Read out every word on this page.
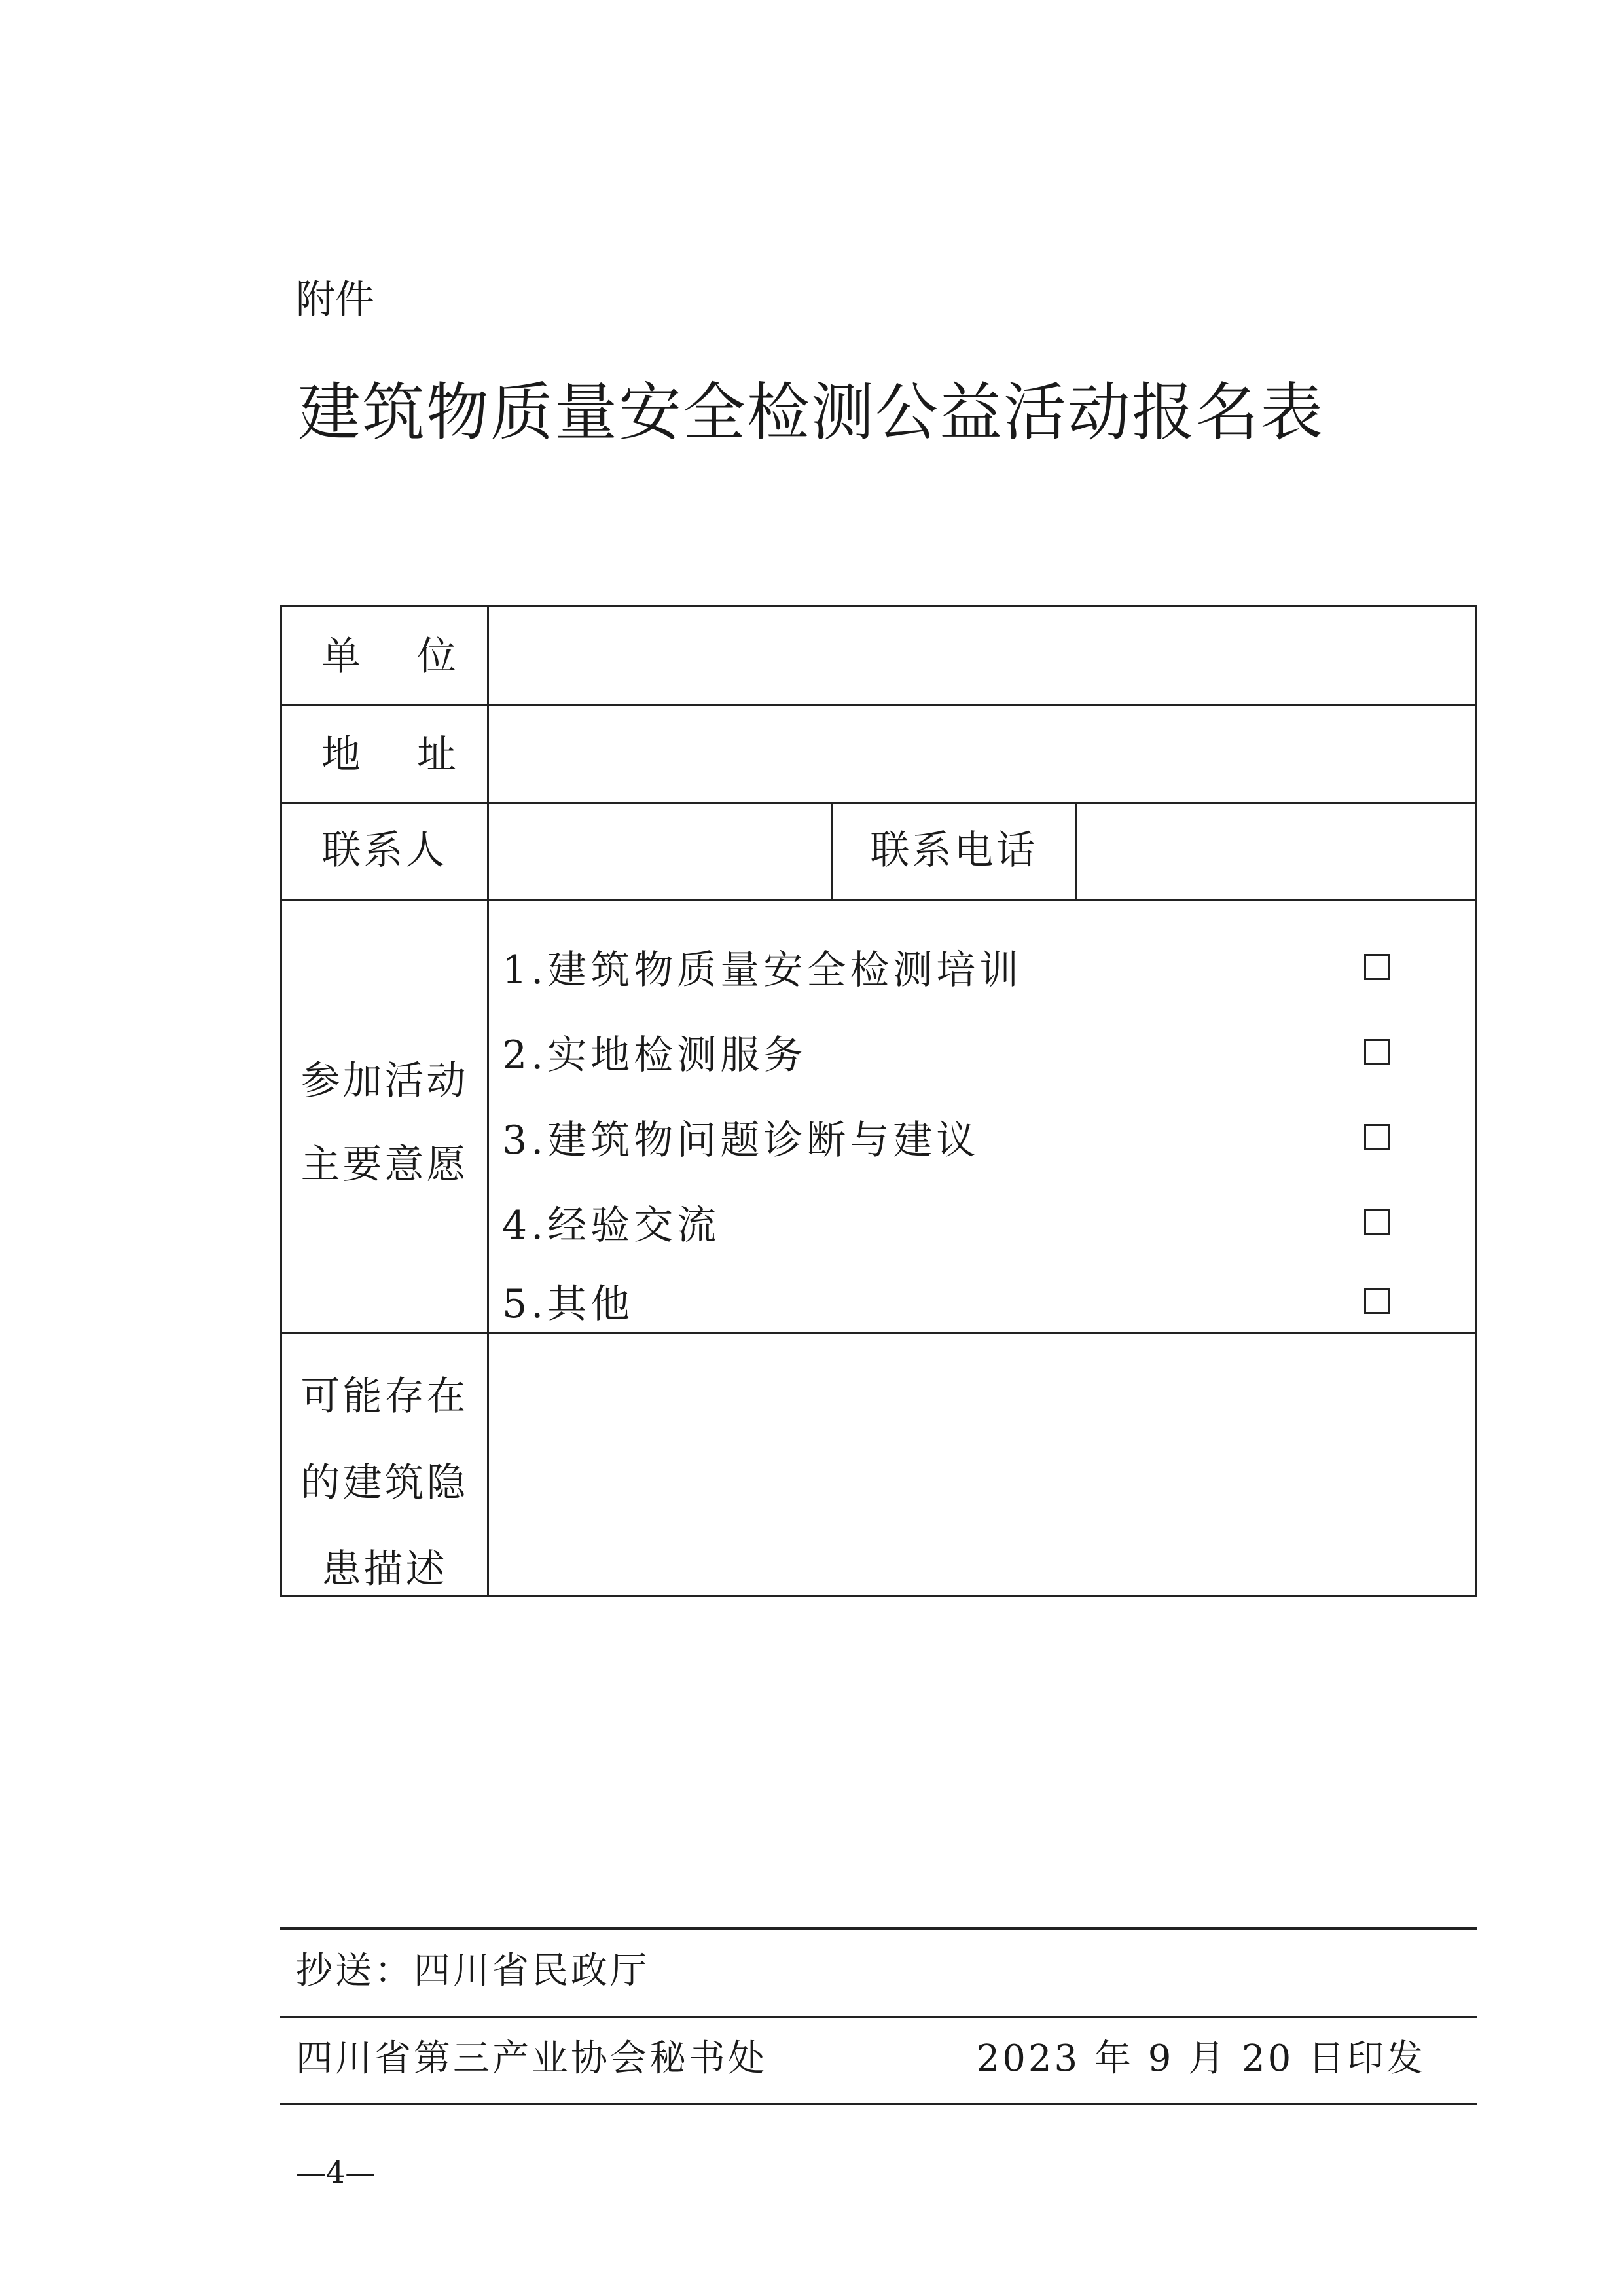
附件
建筑物质量安全检测公益活动报名表
单位
地址
联系人	联系电话
参加活动
主要意愿
1.建筑物质量安全检测培训
2.实地检测服务
3.建筑物问题诊断与建议
4.经验交流
5.其他
可能存在
的建筑隐
患描述
抄送：四川省民政厅
四川省第三产业协会秘书处	2023 年 9 月 20 日印发
—4—
